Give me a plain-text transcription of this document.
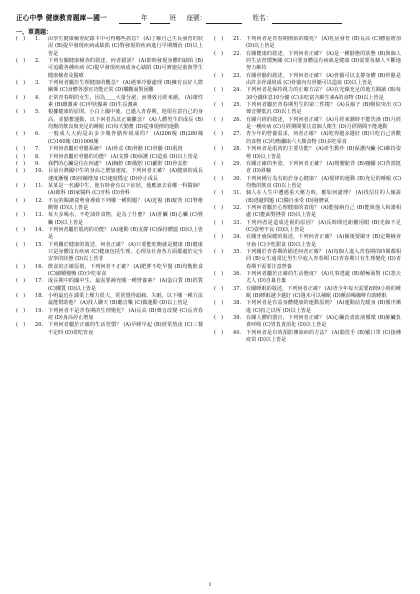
正心中學 健康教育題庫—國一	年	班 座號：	姓名：
一、單選題：
(　)	1.	由學生健康檢查紀錄卡中可得哪些訊息？ (A)了解自己生長發育的狀況 (B)提早發現疾病或缺陷 (C)對發現的疾病進行早期矯治 (D)以上皆是
(　)	2.	下列有關健康檢查的敘述，何者錯誤？ (A)即時發現身體的缺陷 (B)可追蹤各種疾病 (C)提早發現疾病或身心缺陷 (D)可實施兒童與學生健康檢查及醫療
(　)	3.	下列何者屬於生理健康的概念？ (A)遇事冷靜處理 (B)擁有良好人際關係 (C)身體各器官功能正常 (D)樂觀面對困難
(　)	4.	正常青春期的女生，因為＿＿大量分泌，而導致月經來潮。 (A)雄性素 (B)雌激素 (C)甲狀腺素 (D)生長激素
(　)	5.	根據健康的原則，小白上國中後，已邁入青春期，他很在意自己的身高，並勤奮運動，以下何者為其正確觀念？ (A)人體男生的成長 (B)均衡的飲食與充足的睡眠 (C)每天勤奮 (D)從事規律的運動
(　)	6.	一般成人大約是由多少塊骨骼所組成的？ (A)206塊 (B)280塊 (C)160塊 (D)1006塊
(　)	7.	下列何者屬於骨骼系統？ (A)骨盆 (B)骨骼 (C)骨髓 (D)肌肉
(　)	8.	下列何者屬於骨骼的功能？ (A)支撐 (B)保護 (C)造血 (D)以上皆是
(　)	9.	我們的心臟是位在何處？ (A)胸腔 (B)腹腔 (C)顱腔 (D)骨盆腔
(　)	10. 目前台灣國中生的身高之增加速度，下列何者正確？ (A)健康的成長速度漸慢 (B)持續增加 (C)速度穩定 (D)停止成長
(　)	11. 某某是一名國中生，他有時會有以下症狀，他應該去看哪一科醫師？ (A)眼科 (B)家醫科 (C)牙科 (D)骨科
(　)	12. 不良的閱讀姿勢會導致下列哪一種問題？ (A)近視 (B)駝背 (C)脊椎側彎 (D)以上皆是
(　)	13. 每天多喝水，不吃油炸食物，是為了什麼？ (A)肝臟 (B)心臟 (C)腎臟 (D)以上皆是
(　)	14. 下列何者屬於肌肉的功能？ (A)運動 (B)支撐 (C)保持體溫 (D)以上皆是
(　)	15. 下列關於健康的敘述，何者正確？ (A)只要能吃飽就是健康 (B)健康只是身體沒有疾病 (C)健康包括生理、心理及社會各方面都處於完全安寧的狀態 (D)以上皆非
(　)	16. 飲食的正確原則，下列何者不正確？ (A)肥胖不吃早餐 (B)均衡飲食 (C)細嚼慢嚥 (D)少吃零食
(　)	17. 成長期中的國中生，最需要補充哪一種營養素？ (A)蛋白質 (B)鈣質 (C)鐵質 (D)以上皆是
(　)	18. 小明最近在課業上壓力很大，常常覺得頭痛、失眠，以下哪一種方法最能幫助他？ (A)找人聊天 (B)聽音樂 (C)做運動 (D)以上皆是
(　)	19. 下列何者不是青春期的生理變化？ (A)長高 (B)聲音改變 (C)長青春痘 (D)身高停止增加
(　)	20. 下列何者屬於正確的生活習慣？ (A)早睡早起 (B)經常熬夜 (C)三餐不定時 (D)常吃宵夜
(　)	21. 下列何者是青春期開始的徵兆？ (A)乳房發育 (B)長高 (C)體重增加 (D)以上皆是
(　)	22. 有關健康的敘述，下列何者正確？ (A)是一種靜態的狀態 (B)與個人的生活習慣無關 (C)只要身體沒有病就是健康 (D)需要每個人不斷地努力維持
(　)	23. 有關骨骼的敘述，下列何者正確？ (A)骨骼可以支撐身體 (B)骨骼是由許多骨頭組成 (C)骨骼內有骨髓可以造血 (D)以上皆是
(　)	24. 下列何者是保持視力的正確方法？ (A)在光線充足的地方閱讀 (B)每30分鐘休息10分鐘 (C)多吃富含維生素A的食物 (D)以上皆是
(　)	25. 下列何者屬於青春期男生的第二性徵？ (A)長鬍子 (B)喉結突出 (C)聲音變低沉 (D)以上皆是
(　)	26. 有關月經的敘述，下列何者正確？ (A)月經來潮時不能洗澡 (B)月經是一種疾病 (C)月經期間要注意個人衛生 (D)月經期間不能運動
(　)	27. 青少年的營養需求，何者正確？ (A)吃得越多越好 (B)只吃自己喜歡的食物 (C)均衡攝取六大類食物 (D)多吃零食
(　)	28. 下列何者是肌肉的主要功能？ (A)產生動作 (B)保護內臟 (C)維持姿勢 (D)以上皆是
(　)	29. 有關正確的坐姿，下列何者正確？ (A)彎腰駝背 (B)翹腳 (C)背部挺直 (D)斜躺
(　)	30. 下列何種行為有助於身心健康？ (A)規律的運動 (B)充足的睡眠 (C)均衡的飲食 (D)以上皆是
(　)	31. 個人在人生中遭遇重大壓力時，應如何處理？ (A)找信任的人傾訴 (B)逃避問題 (C)獨自承受 (D)發脾氣
(　)	32. 下列何者屬於心理健康的表現？ (A)能接納自己 (B)能與他人和諧相處 (C)能面對挫折 (D)以上皆是
(　)	33. 下列何者是造成近視的原因？ (A)長時間近距離用眼 (B)光線不足 (C)姿勢不良 (D)以上皆是
(　)	34. 有關牙齒保健的敘述，下列何者正確？ (A)飯後要刷牙 (B)定期檢查牙齒 (C)少吃甜食 (D)以上皆是
(　)	35. 下列關於青春期的描述何者正確？ (A)每個人進入青春期的時間都相同 (B)女生通常比男生早進入青春期 (C)青春期只有生理變化 (D)青春期不需要注意營養
(　)	36. 下列何者屬於正確的生活態度？ (A)凡事逃避 (B)積極面對 (C)怨天尤人 (D)自暴自棄
(　)	37. 有關睡眠的敘述，下列何者正確？ (A)青少年每天需要8到9小時的睡眠 (B)睡眠越少越好 (C)週末可以補眠 (D)睡前喝咖啡有助睡眠
(　)	38. 下列何者是有益身體健康的運動原則？ (A)運動前先暖身 (B)循序漸進 (C)持之以恆 (D)以上皆是
(　)	39. 有關人體的器官，下列何者正確？ (A)心臟負責血液循環 (B)肺臟負責呼吸 (C)胃負責消化 (D)以上皆是
(　)	40. 下列何者是有效預防傳染病的方法？ (A)勤洗手 (B)戴口罩 (C)接種疫苗 (D)以上皆是
1
